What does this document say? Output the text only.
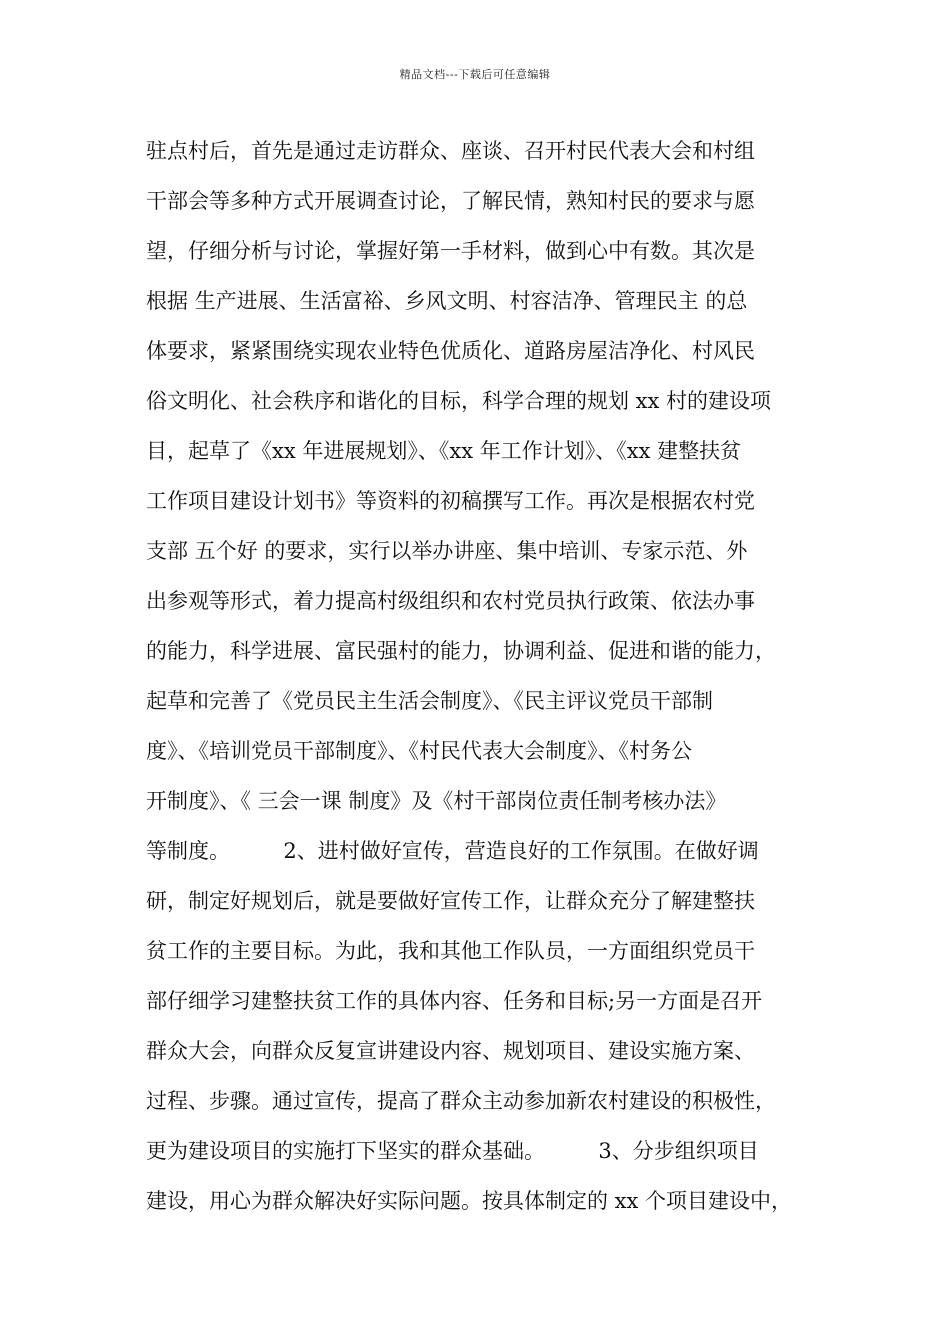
精品文档---下载后可任意编辑
驻点村后，首先是通过走访群众、座谈、召开村民代表大会和村组
干部会等多种方式开展调查讨论，了解民情，熟知村民的要求与愿
望，仔细分析与讨论，掌握好第一手材料，做到心中有数。其次是
根据 生产进展、生活富裕、乡风文明、村容洁净、管理民主 的总
体要求，紧紧围绕实现农业特色优质化、道路房屋洁净化、村风民
俗文明化、社会秩序和谐化的目标，科学合理的规划 xx 村的建设项
目，起草了《xx 年进展规划》、《xx 年工作计划》、《xx 建整扶贫
工作项目建设计划书》等资料的初稿撰写工作。再次是根据农村党
支部 五个好 的要求，实行以举办讲座、集中培训、专家示范、外
出参观等形式，着力提高村级组织和农村党员执行政策、依法办事
的能力，科学进展、富民强村的能力，协调利益、促进和谐的能力，
起草和完善了《党员民主生活会制度》、《民主评议党员干部制
度》、《培训党员干部制度》、《村民代表大会制度》、《村务公
开制度》、《 三会一课 制度》及《村干部岗位责任制考核办法》
等制度。        2、进村做好宣传，营造良好的工作氛围。在做好调
研，制定好规划后，就是要做好宣传工作，让群众充分了解建整扶
贫工作的主要目标。为此，我和其他工作队员，一方面组织党员干
部仔细学习建整扶贫工作的具体内容、任务和目标;另一方面是召开
群众大会，向群众反复宣讲建设内容、规划项目、建设实施方案、
过程、步骤。通过宣传，提高了群众主动参加新农村建设的积极性，
更为建设项目的实施打下坚实的群众基础。        3、分步组织项目
建设，用心为群众解决好实际问题。按具体制定的 xx 个项目建设中，
